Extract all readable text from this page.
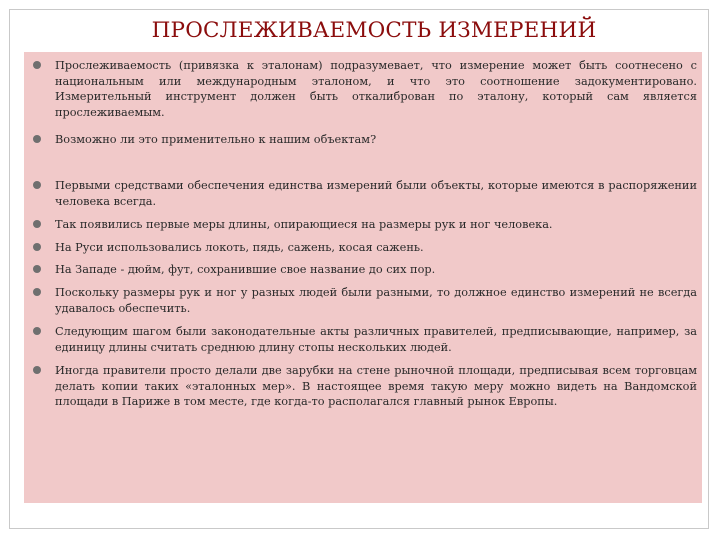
ПРОСЛЕЖИВАЕМОСТЬ ИЗМЕРЕНИЙ
Прослеживаемость (привязка к эталонам) подразумевает, что измерение может быть соотнесено с национальным или международным эталоном, и что это соотношение задокументировано. Измерительный инструмент должен быть откалиброван по эталону, который сам является прослеживаемым.
Возможно ли это применительно к нашим объектам?
Первыми средствами обеспечения единства измерений были объекты, которые имеются в распоряжении человека всегда.
Так появились первые меры длины, опирающиеся на размеры рук и ног человека.
На Руси использовались локоть, пядь, сажень, косая сажень.
На Западе - дюйм, фут, сохранившие свое название до сих пор.
Поскольку размеры рук и ног у разных людей были разными, то должное единство измерений не всегда удавалось обеспечить.
Следующим шагом были законодательные акты различных правителей, предписывающие, например, за единицу длины считать среднюю длину стопы нескольких людей.
Иногда правители просто делали две зарубки на стене рыночной площади, предписывая всем торговцам делать копии таких «эталонных мер». В настоящее время такую меру можно видеть на Вандомской площади в Париже в том месте, где когда-то располагался главный рынок Европы.
